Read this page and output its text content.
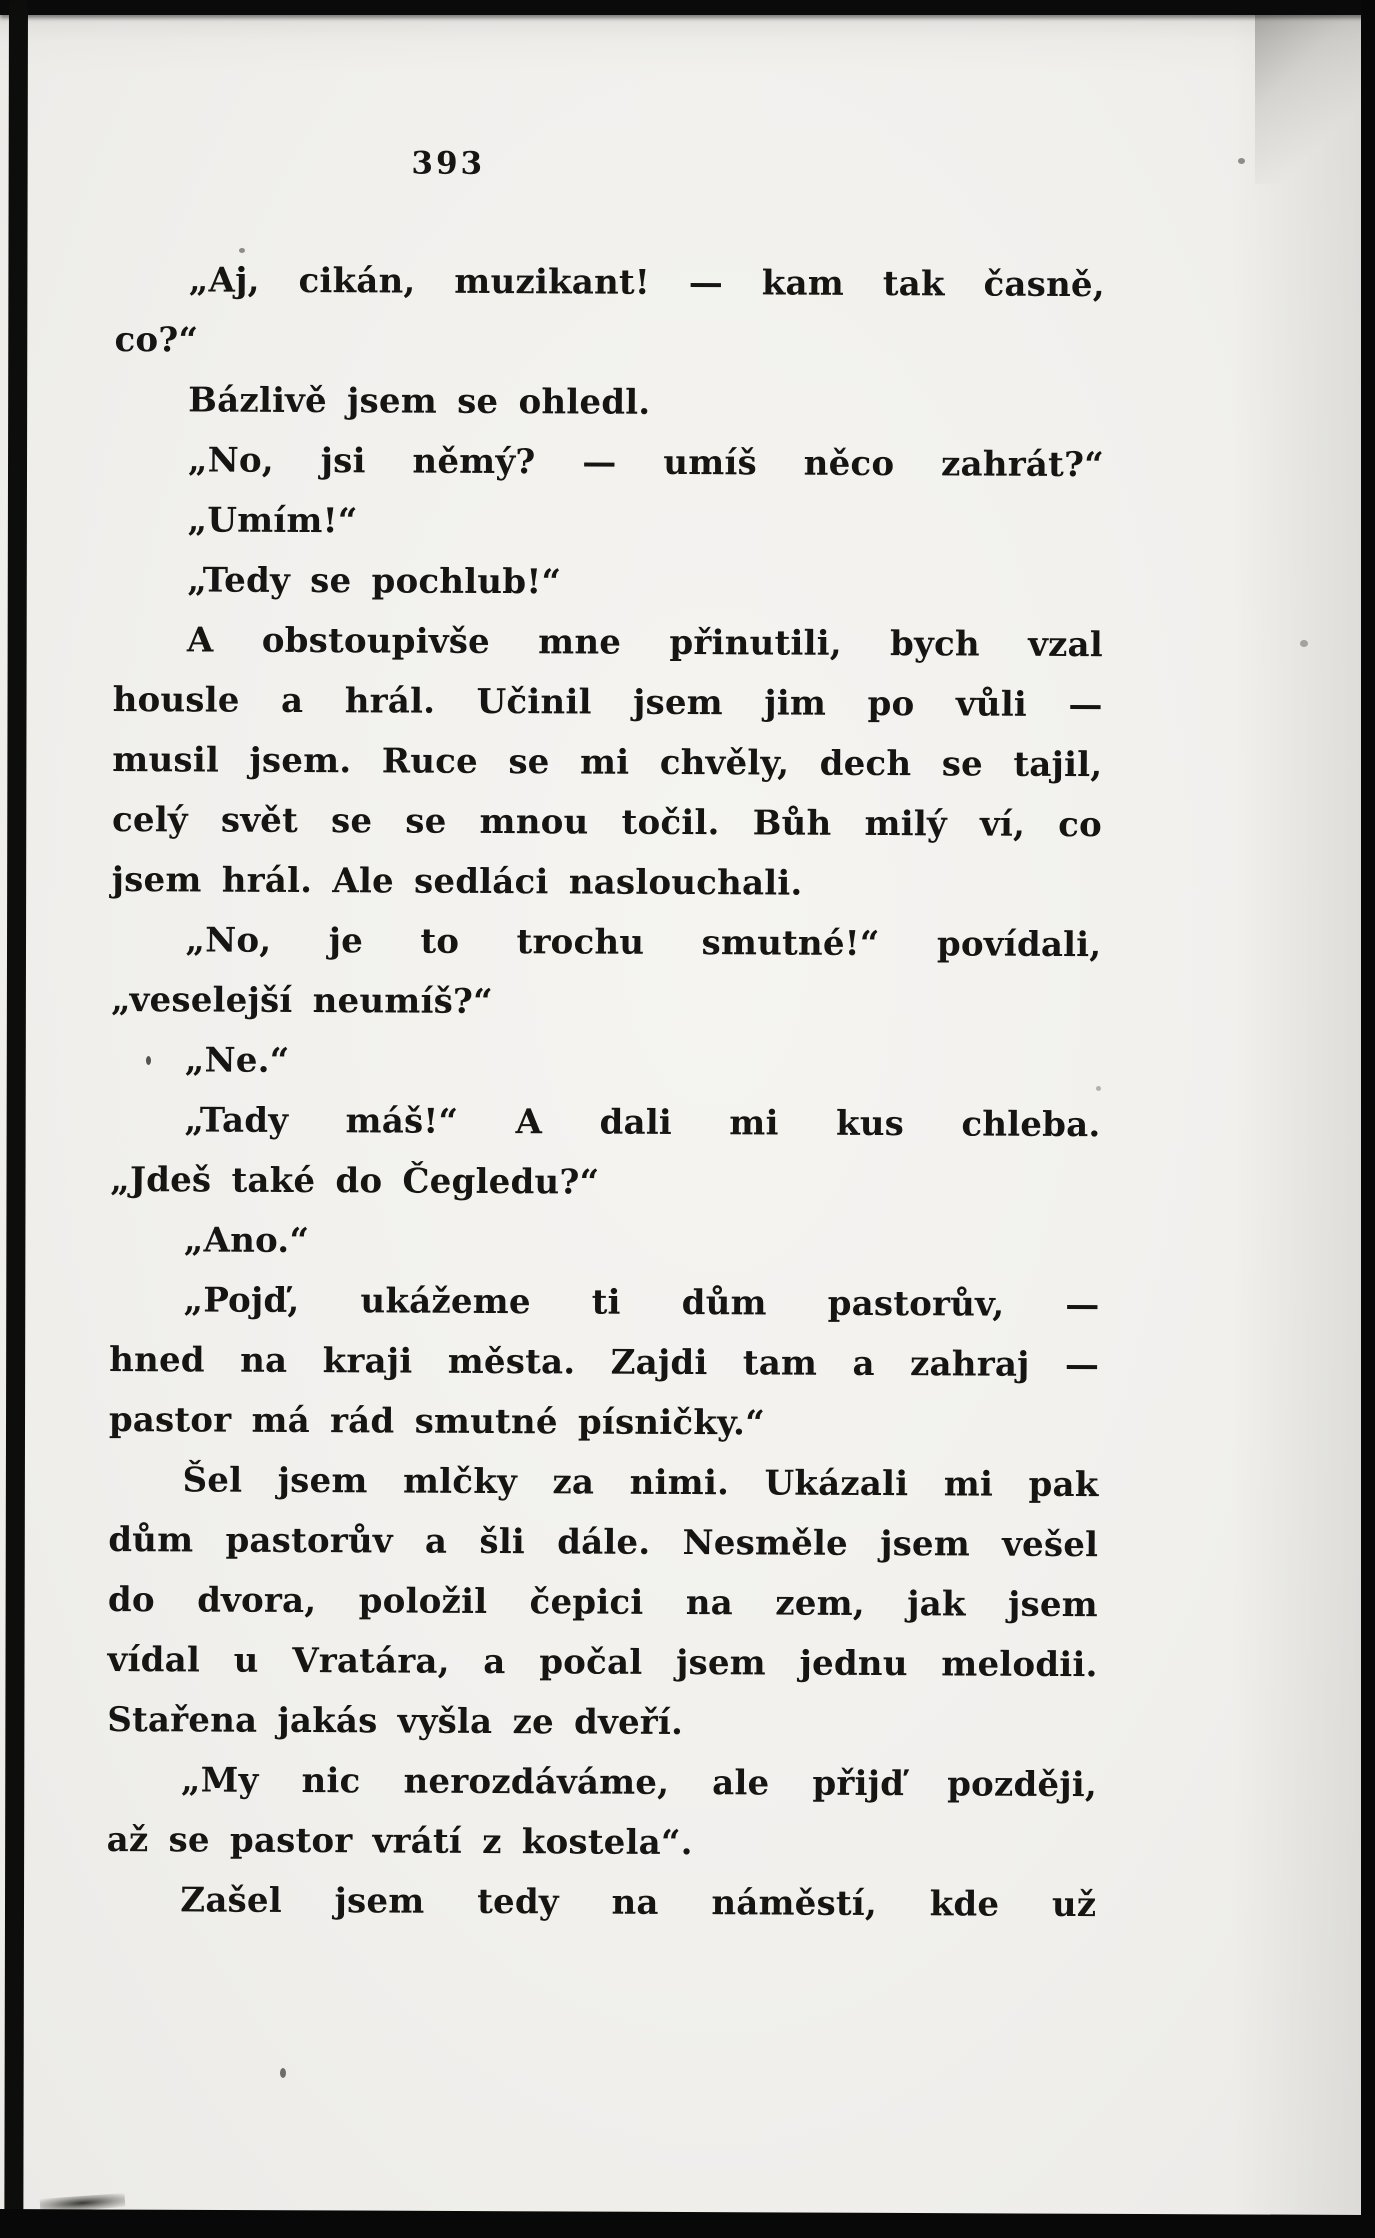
393
„Aj, cikán, muzikant! — kam tak časně,
co?“
Bázlivě jsem se ohledl.
„No, jsi němý? — umíš něco zahrát?“
„Umím!“
„Tedy se pochlub!“
A obstoupivše mne přinutili, bych vzal
housle a hrál. Učinil jsem jim po vůli —
musil jsem. Ruce se mi chvěly, dech se tajil,
celý svět se se mnou točil. Bůh milý ví, co
jsem hrál. Ale sedláci naslouchali.
„No, je to trochu smutné!“ povídali,
„veselejší neumíš?“
„Ne.“
„Tady máš!“ A dali mi kus chleba.
„Jdeš také do Čegledu?“
„Ano.“
„Pojď, ukážeme ti dům pastorův, —
hned na kraji města. Zajdi tam a zahraj —
pastor má rád smutné písničky.“
Šel jsem mlčky za nimi. Ukázali mi pak
dům pastorův a šli dále. Nesměle jsem vešel
do dvora, položil čepici na zem, jak jsem
vídal u Vratára, a počal jsem jednu melodii.
Stařena jakás vyšla ze dveří.
„My nic nerozdáváme, ale přijď později,
až se pastor vrátí z kostela“.
Zašel jsem tedy na náměstí, kde už
